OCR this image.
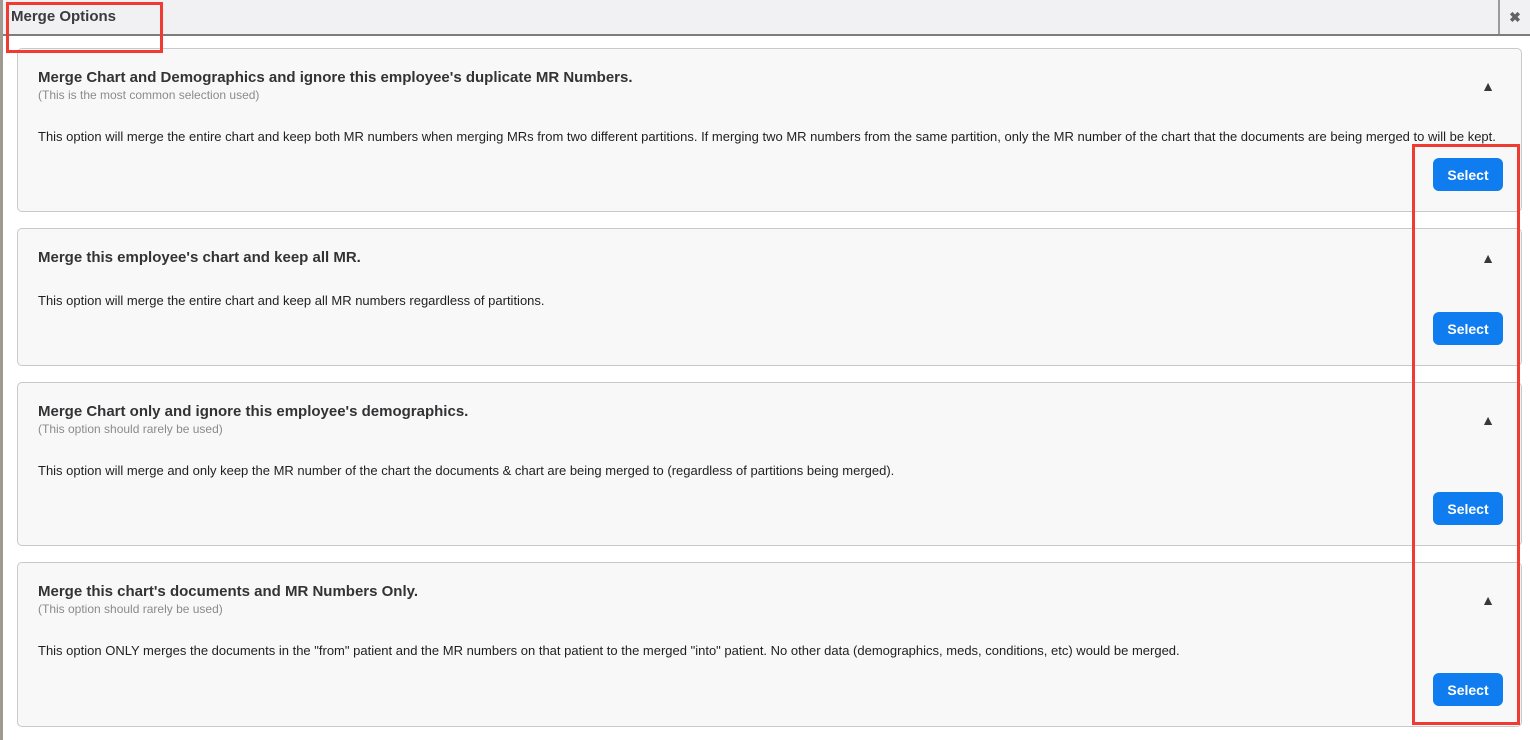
Merge Options	✖
Merge Chart and Demographics and ignore this employee's duplicate MR Numbers.
(This is the most common selection used)
▲

This option will merge the entire chart and keep both MR numbers when merging MRs from two different partitions. If merging two MR numbers from the same partition, only the MR number of the chart that the documents are being merged to will be kept.

Select
Merge this employee's chart and keep all MR.	▲

This option will merge the entire chart and keep all MR numbers regardless of partitions.

Select
Merge Chart only and ignore this employee's demographics.
(This option should rarely be used)
▲

This option will merge and only keep the MR number of the chart the documents & chart are being merged to (regardless of partitions being merged).

Select
Merge this chart's documents and MR Numbers Only.
(This option should rarely be used)
▲

This option ONLY merges the documents in the "from" patient and the MR numbers on that patient to the merged "into" patient. No other data (demographics, meds, conditions, etc) would be merged.

Select
